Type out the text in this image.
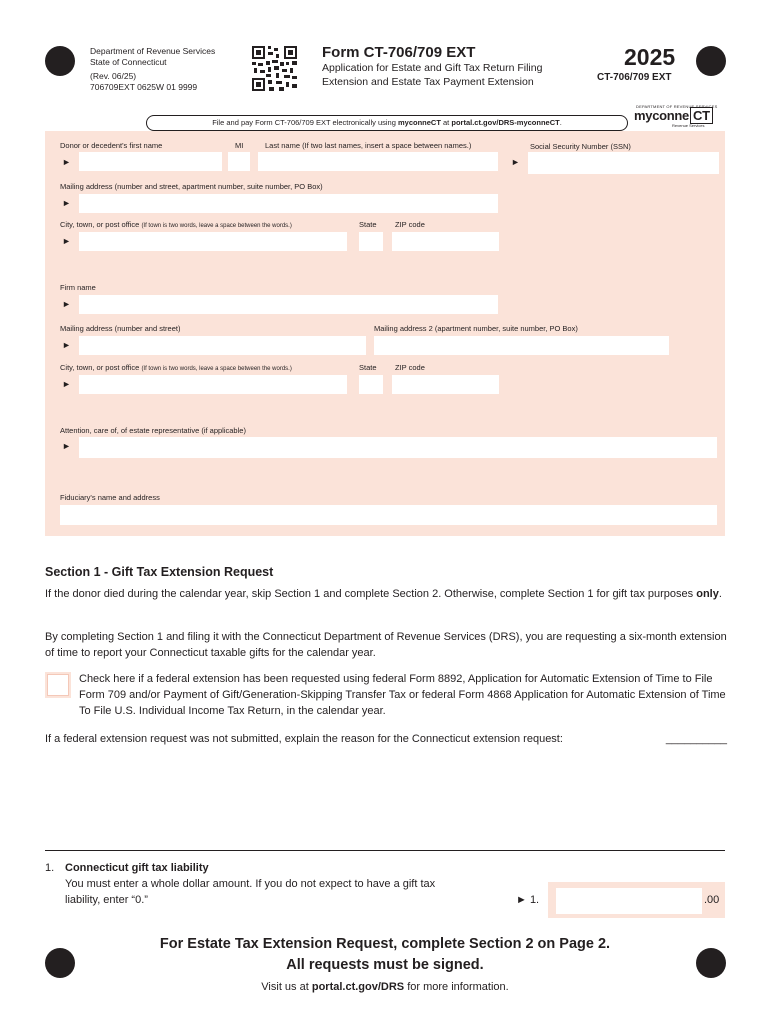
Department of Revenue Services
State of Connecticut
(Rev. 06/25)
706709EXT 0625W 01 9999
Form CT-706/709 EXT
Application for Estate and Gift Tax Return Filing
Extension and Estate Tax Payment Extension
2025
CT-706/709 EXT
DEPARTMENT OF REVENUE SERVICES
myconne CT
Revenue Services
File and pay Form CT-706/709 EXT electronically using myconneCT at portal.ct.gov/DRS-myconneCT.
Donor or decedent's first name	MI	Last name (If two last names, insert a space between names.)	Social Security Number (SSN)
►	►
Mailing address (number and street, apartment number, suite number, PO Box)
►
City, town, or post office (If town is two words, leave a space between the words.)	State ZIP code
►
Firm name
►
Mailing address (number and street)	Mailing address 2 (apartment number, suite number, PO Box)
►
City, town, or post office (If town is two words, leave a space between the words.)	State ZIP code
►
Attention, care of, of estate representative (if applicable)
►
Fiduciary's name and address
Section 1 - Gift Tax Extension Request
If the donor died during the calendar year, skip Section 1 and complete Section 2. Otherwise, complete Section 1 for gift tax purposes only.
By completing Section 1 and filing it with the Connecticut Department of Revenue Services (DRS), you are requesting a six-month extension of time to report your Connecticut taxable gifts for the calendar year.
Check here if a federal extension has been requested using federal Form 8892, Application for Automatic Extension of Time to File Form 709 and/or Payment of Gift/Generation-Skipping Transfer Tax or federal Form 4868 Application for Automatic Extension of Time To File U.S. Individual Income Tax Return, in the calendar year.
If a federal extension request was not submitted, explain the reason for the Connecticut extension request:	__________
1. Connecticut gift tax liability
You must enter a whole dollar amount. If you do not expect to have a gift tax
liability, enter “0.”	► 1.	.00
For Estate Tax Extension Request, complete Section 2 on Page 2.
All requests must be signed.
Visit us at portal.ct.gov/DRS for more information.
